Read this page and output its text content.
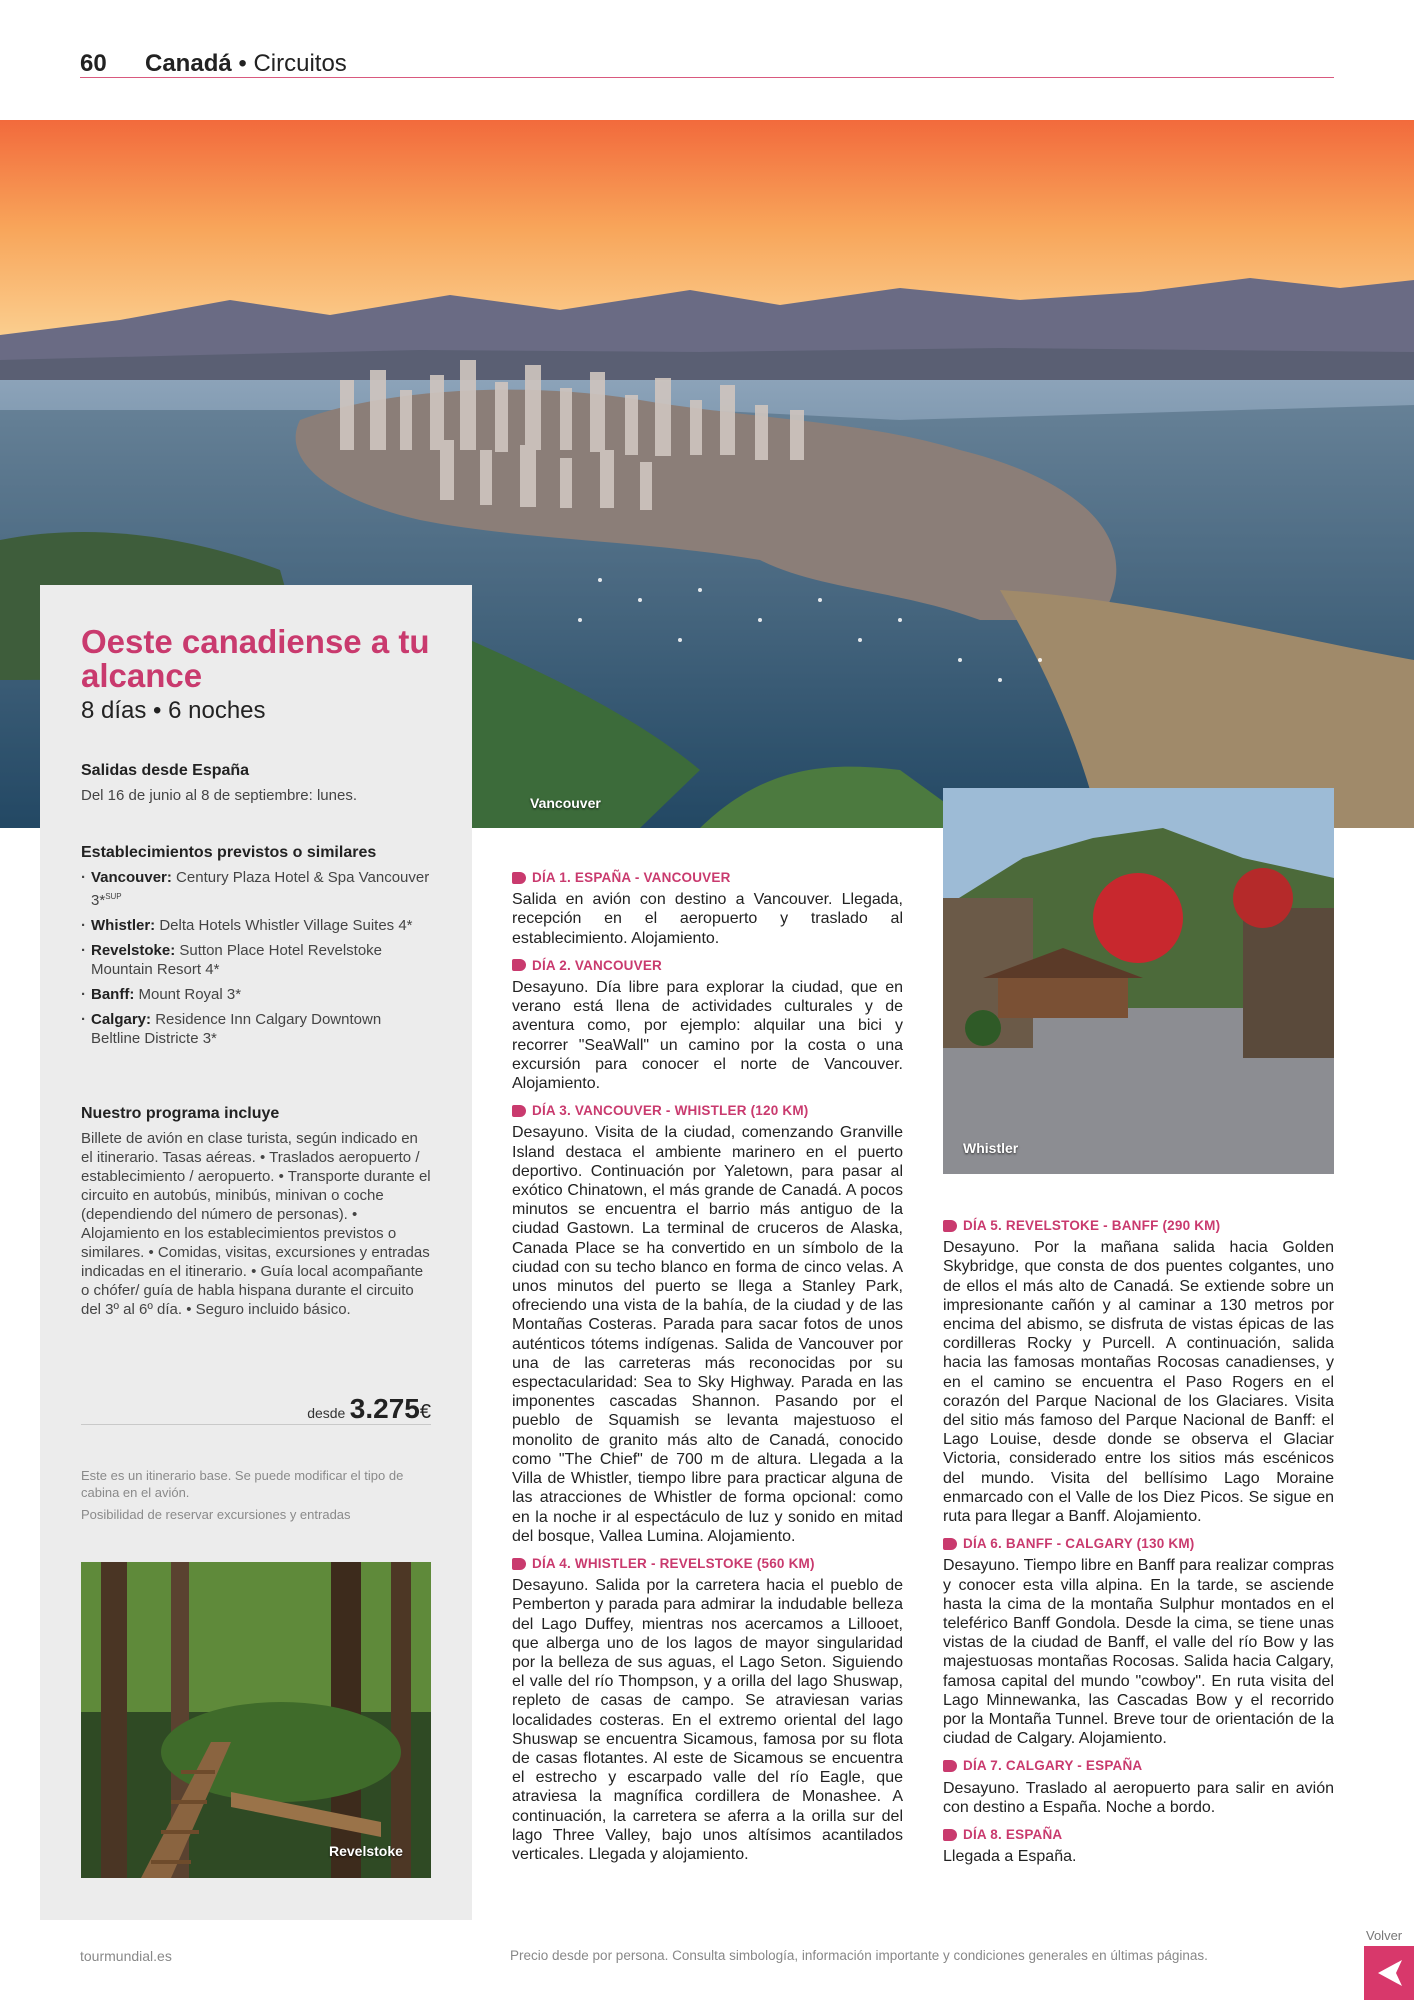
60 Canadá • Circuitos
Vancouver
Oeste canadiense a tu alcance
8 días • 6 noches
Salidas desde España
Del 16 de junio al 8 de septiembre: lunes.
Establecimientos previstos o similares
· Vancouver: Century Plaza Hotel & Spa Vancouver 3*$^{SUP}$
· Whistler: Delta Hotels Whistler Village Suites 4*
· Revelstoke: Sutton Place Hotel Revelstoke Mountain Resort 4*
· Banff: Mount Royal 3*
· Calgary: Residence Inn Calgary Downtown Beltline Districte 3*
Nuestro programa incluye
Billete de avión en clase turista, según indicado en el itinerario. Tasas aéreas. • Traslados aeropuerto / establecimiento / aeropuerto. • Transporte durante el circuito en autobús, minibús, minivan o coche (dependiendo del número de personas). • Alojamiento en los establecimientos previstos o similares. • Comidas, visitas, excursiones y entradas indicadas en el itinerario. • Guía local acompañante o chófer/ guía de habla hispana durante el circuito del 3º al 6º día. • Seguro incluido básico.
desde 3.275€
Este es un itinerario base. Se puede modificar el tipo de cabina en el avión.
Posibilidad de reservar excursiones y entradas
Revelstoke
Whistler
DÍA 1. ESPAÑA - VANCOUVER
Salida en avión con destino a Vancouver. Llegada, recepción en el aeropuerto y traslado al establecimiento. Alojamiento.
DÍA 2. VANCOUVER
Desayuno. Día libre para explorar la ciudad, que en verano está llena de actividades culturales y de aventura como, por ejemplo: alquilar una bici y recorrer "SeaWall" un camino por la costa o una excursión para conocer el norte de Vancouver. Alojamiento.
DÍA 3. VANCOUVER - WHISTLER (120 KM)
Desayuno. Visita de la ciudad, comenzando Granville Island destaca el ambiente marinero en el puerto deportivo. Continuación por Yaletown, para pasar al exótico Chinatown, el más grande de Canadá. A pocos minutos se encuentra el barrio más antiguo de la ciudad Gastown. La terminal de cruceros de Alaska, Canada Place se ha convertido en un símbolo de la ciudad con su techo blanco en forma de cinco velas. A unos minutos del puerto se llega a Stanley Park, ofreciendo una vista de la bahía, de la ciudad y de las Montañas Costeras. Parada para sacar fotos de unos auténticos tótems indígenas. Salida de Vancouver por una de las carreteras más reconocidas por su espectacularidad: Sea to Sky Highway. Parada en las imponentes cascadas Shannon. Pasando por el pueblo de Squamish se levanta majestuoso el monolito de granito más alto de Canadá, conocido como "The Chief" de 700 m de altura. Llegada a la Villa de Whistler, tiempo libre para practicar alguna de las atracciones de Whistler de forma opcional: como en la noche ir al espectáculo de luz y sonido en mitad del bosque, Vallea Lumina. Alojamiento.
DÍA 4. WHISTLER - REVELSTOKE (560 KM)
Desayuno. Salida por la carretera hacia el pueblo de Pemberton y parada para admirar la indudable belleza del Lago Duffey, mientras nos acercamos a Lillooet, que alberga uno de los lagos de mayor singularidad por la belleza de sus aguas, el Lago Seton. Siguiendo el valle del río Thompson, y a orilla del lago Shuswap, repleto de casas de campo. Se atraviesan varias localidades costeras. En el extremo oriental del lago Shuswap se encuentra Sicamous, famosa por su flota de casas flotantes. Al este de Sicamous se encuentra el estrecho y escarpado valle del río Eagle, que atraviesa la magnífica cordillera de Monashee. A continuación, la carretera se aferra a la orilla sur del lago Three Valley, bajo unos altísimos acantilados verticales. Llegada y alojamiento.
DÍA 5. REVELSTOKE - BANFF (290 KM)
Desayuno. Por la mañana salida hacia Golden Skybridge, que consta de dos puentes colgantes, uno de ellos el más alto de Canadá. Se extiende sobre un impresionante cañón y al caminar a 130 metros por encima del abismo, se disfruta de vistas épicas de las cordilleras Rocky y Purcell. A continuación, salida hacia las famosas montañas Rocosas canadienses, y en el camino se encuentra el Paso Rogers en el corazón del Parque Nacional de los Glaciares. Visita del sitio más famoso del Parque Nacional de Banff: el Lago Louise, desde donde se observa el Glaciar Victoria, considerado entre los sitios más escénicos del mundo. Visita del bellísimo Lago Moraine enmarcado con el Valle de los Diez Picos. Se sigue en ruta para llegar a Banff. Alojamiento.
DÍA 6. BANFF - CALGARY (130 KM)
Desayuno. Tiempo libre en Banff para realizar compras y conocer esta villa alpina. En la tarde, se asciende hasta la cima de la montaña Sulphur montados en el teleférico Banff Gondola. Desde la cima, se tiene unas vistas de la ciudad de Banff, el valle del río Bow y las majestuosas montañas Rocosas. Salida hacia Calgary, famosa capital del mundo "cowboy". En ruta visita del Lago Minnewanka, las Cascadas Bow y el recorrido por la Montaña Tunnel. Breve tour de orientación de la ciudad de Calgary. Alojamiento.
DÍA 7. CALGARY - ESPAÑA
Desayuno. Traslado al aeropuerto para salir en avión con destino a España. Noche a bordo.
DÍA 8. ESPAÑA
Llegada a España.
tourmundial.es	Precio desde por persona. Consulta simbología, información importante y condiciones generales en últimas páginas.
Volver
